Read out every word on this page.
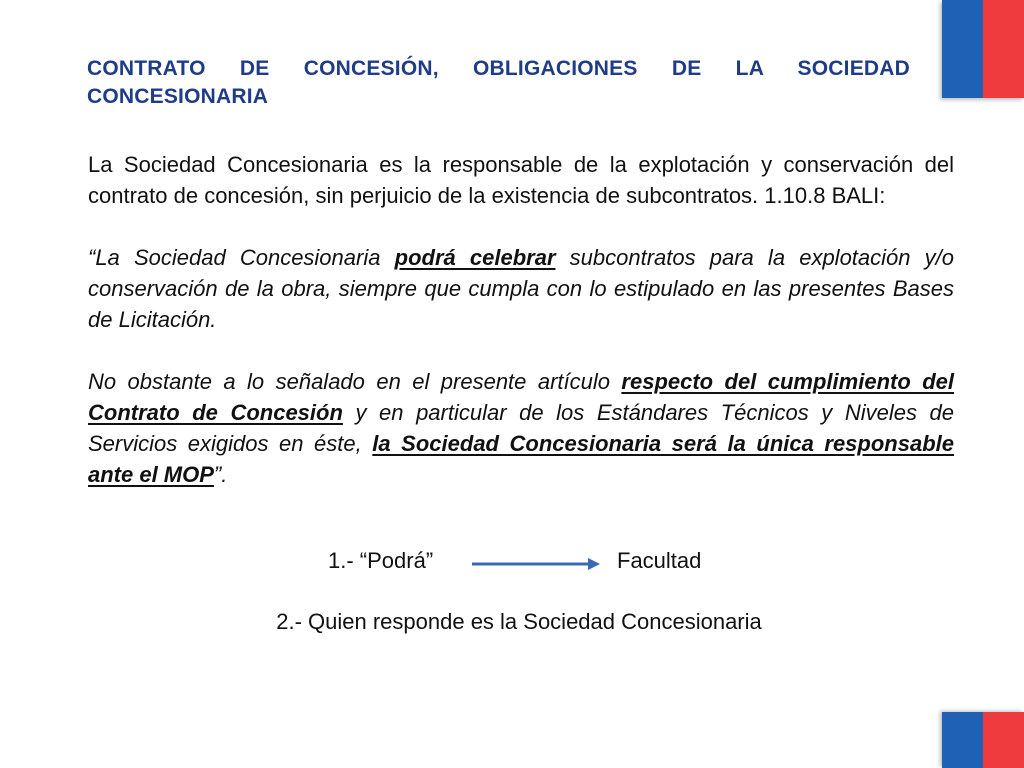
CONTRATO DE CONCESIÓN, OBLIGACIONES DE LA SOCIEDAD CONCESIONARIA

La Sociedad Concesionaria es la responsable de la explotación y conservación del contrato de concesión, sin perjuicio de la existencia de subcontratos. 1.10.8 BALI:

“La Sociedad Concesionaria podrá celebrar subcontratos para la explotación y/o conservación de la obra, siempre que cumpla con lo estipulado en las presentes Bases de Licitación.

No obstante a lo señalado en el presente artículo respecto del cumplimiento del Contrato de Concesión y en particular de los Estándares Técnicos y Niveles de Servicios exigidos en éste, la Sociedad Concesionaria será la única responsable ante el MOP”.

1.- “Podrá”	Facultad
2.- Quien responde es la Sociedad Concesionaria
